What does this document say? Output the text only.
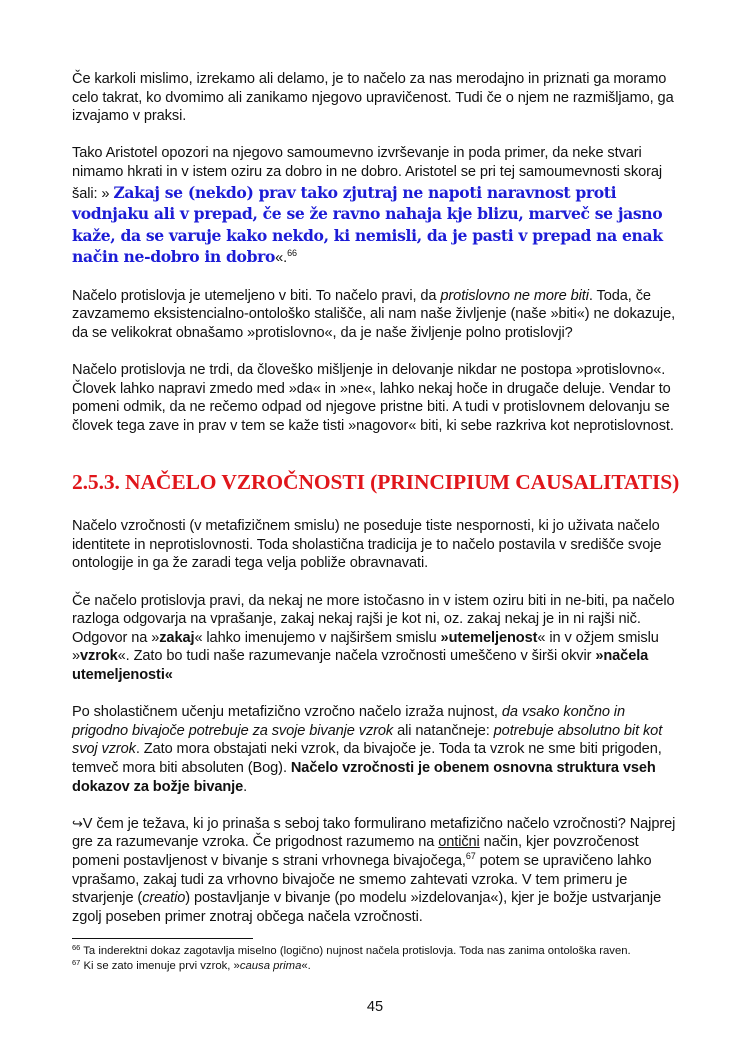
Če karkoli mislimo, izrekamo ali delamo, je to načelo za nas merodajno in priznati ga moramo celo takrat, ko dvomimo ali zanikamo njegovo upravičenost. Tudi če o njem ne razmišljamo, ga izvajamo v praksi.

Tako Aristotel opozori na njegovo samoumevno izvrševanje in poda primer, da neke stvari nimamo hkrati in v istem oziru za dobro in ne dobro. Aristotel se pri tej samoumevnosti skoraj šali: » Zakaj se (nekdo) prav tako zjutraj ne napoti naravnost proti vodnjaku ali v prepad, če se že ravno nahaja kje blizu, marveč se jasno kaže, da se varuje kako nekdo, ki nemisli, da je pasti v prepad na enak način ne-dobro in dobro«.$^{66}$

Načelo protislovja je utemeljeno v biti. To načelo pravi, da protislovno ne more biti. Toda, če zavzamemo eksistencialno-ontološko stališče, ali nam naše življenje (naše »biti«) ne dokazuje, da se velikokrat obnašamo »protislovno«, da je naše življenje polno protislovji?

Načelo protislovja ne trdi, da človeško mišljenje in delovanje nikdar ne postopa »protislovno«. Človek lahko napravi zmedo med »da« in »ne«, lahko nekaj hoče in drugače deluje. Vendar to pomeni odmik, da ne rečemo odpad od njegove pristne biti. A tudi v protislovnem delovanju se človek tega zave in prav v tem se kaže tisti »nagovor« biti, ki sebe razkriva kot neprotislovnost.

2.5.3. NAČELO VZROČNOSTI (PRINCIPIUM CAUSALITATIS)

Načelo vzročnosti (v metafizičnem smislu) ne poseduje tiste nespornosti, ki jo uživata načelo identitete in neprotislovnosti. Toda sholastična tradicija je to načelo postavila v središče svoje ontologije in ga že zaradi tega velja pobliže obravnavati.

Če načelo protislovja pravi, da nekaj ne more istočasno in v istem oziru biti in ne-biti, pa načelo razloga odgovarja na vprašanje, zakaj nekaj rajši je kot ni, oz. zakaj nekaj je in ni rajši nič. Odgovor na »zakaj« lahko imenujemo v najširšem smislu »utemeljenost« in v ožjem smislu »vzrok«. Zato bo tudi naše razumevanje načela vzročnosti umeščeno v širši okvir »načela utemeljenosti«

Po sholastičnem učenju metafizično vzročno načelo izraža nujnost, da vsako končno in prigodno bivajoče potrebuje za svoje bivanje vzrok ali natančneje: potrebuje absolutno bit kot svoj vzrok. Zato mora obstajati neki vzrok, da bivajoče je. Toda ta vzrok ne sme biti prigoden, temveč mora biti absoluten (Bog). Načelo vzročnosti je obenem osnovna struktura vseh dokazov za božje bivanje.

↪V čem je težava, ki jo prinaša s seboj tako formulirano metafizično načelo vzročnosti? Najprej gre za razumevanje vzroka. Če prigodnost razumemo na ontični način, kjer povzročenost pomeni postavljenost v bivanje s strani vrhovnega bivajočega,$^{67}$ potem se upravičeno lahko vprašamo, zakaj tudi za vrhovno bivajoče ne smemo zahtevati vzroka. V tem primeru je stvarjenje (creatio) postavljanje v bivanje (po modelu »izdelovanja«), kjer je božje ustvarjanje zgolj poseben primer znotraj občega načela vzročnosti.

$^{66}$ Ta inderektni dokaz zagotavlja miselno (logično) nujnost načela protislovja. Toda nas zanima ontološka raven.

$^{67}$ Ki se zato imenuje prvi vzrok, »causa prima«.

45
